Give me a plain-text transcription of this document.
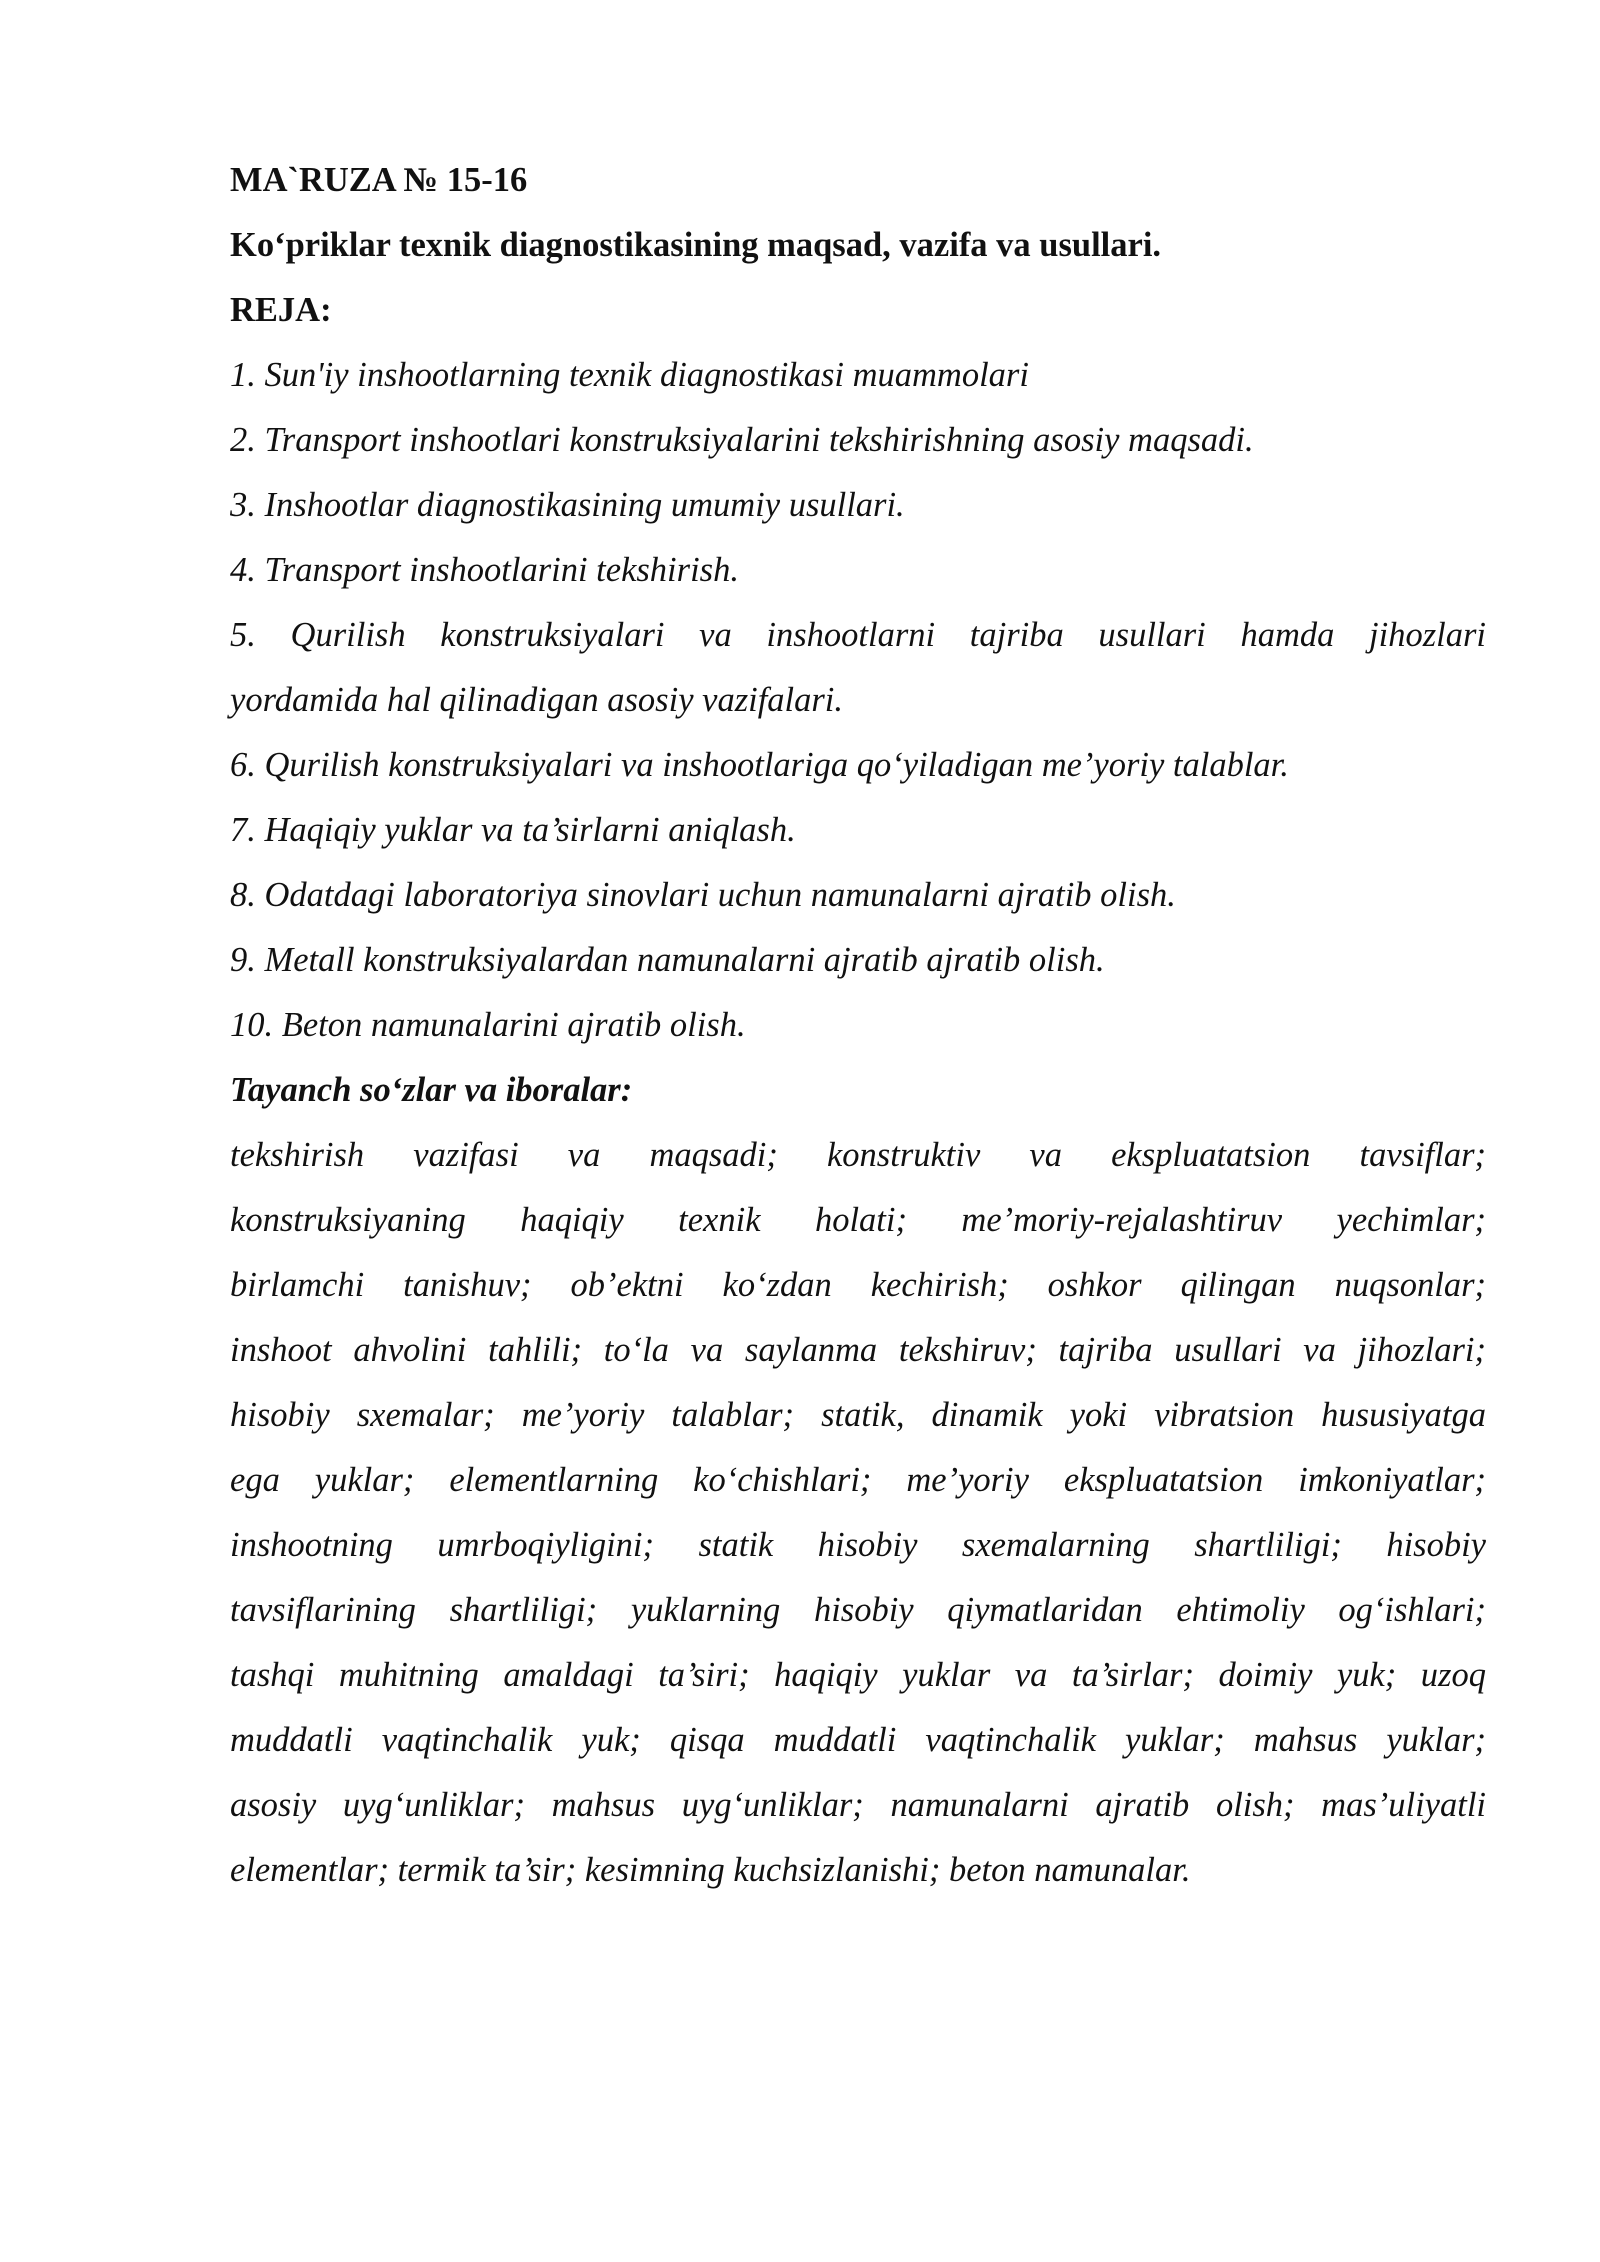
MA`RUZA № 15-16

Ko‘priklar texnik diagnostikasining maqsad, vazifa va usullari.

REJA:

1. Sun'iy inshootlarning texnik diagnostikasi muammolari
2. Transport inshootlari konstruksiyalarini tekshirishning asosiy maqsadi.
3. Inshootlar diagnostikasining umumiy usullari.
4. Transport inshootlarini tekshirish.
5. Qurilish konstruksiyalari va inshootlarni tajriba usullari hamda jihozlari
yordamida hal qilinadigan asosiy vazifalari.
6. Qurilish konstruksiyalari va inshootlariga qo‘yiladigan me’yoriy talablar.
7. Haqiqiy yuklar va ta’sirlarni aniqlash.
8. Odatdagi laboratoriya sinovlari uchun namunalarni ajratib olish.
9. Metall konstruksiyalardan namunalarni ajratib ajratib olish.
10. Beton namunalarini ajratib olish.

Tayanch so‘zlar va iboralar:

tekshirish vazifasi va maqsadi; konstruktiv va ekspluatatsion tavsiflar;

konstruksiyaning haqiqiy texnik holati; me’moriy-rejalashtiruv yechimlar;

birlamchi tanishuv; ob’ektni ko‘zdan kechirish; oshkor qilingan nuqsonlar;

inshoot ahvolini tahlili; to‘la va saylanma tekshiruv; tajriba usullari va jihozlari;

hisobiy sxemalar; me’yoriy talablar; statik, dinamik yoki vibratsion hususiyatga

ega yuklar; elementlarning ko‘chishlari; me’yoriy ekspluatatsion imkoniyatlar;

inshootning umrboqiyligini; statik hisobiy sxemalarning shartliligi; hisobiy

tavsiflarining shartliligi; yuklarning hisobiy qiymatlaridan ehtimoliy og‘ishlari;

tashqi muhitning amaldagi ta’siri; haqiqiy yuklar va ta’sirlar; doimiy yuk; uzoq

muddatli vaqtinchalik yuk; qisqa muddatli vaqtinchalik yuklar; mahsus yuklar;

asosiy uyg‘unliklar; mahsus uyg‘unliklar; namunalarni ajratib olish; mas’uliyatli

elementlar; termik ta’sir; kesimning kuchsizlanishi; beton namunalar.
